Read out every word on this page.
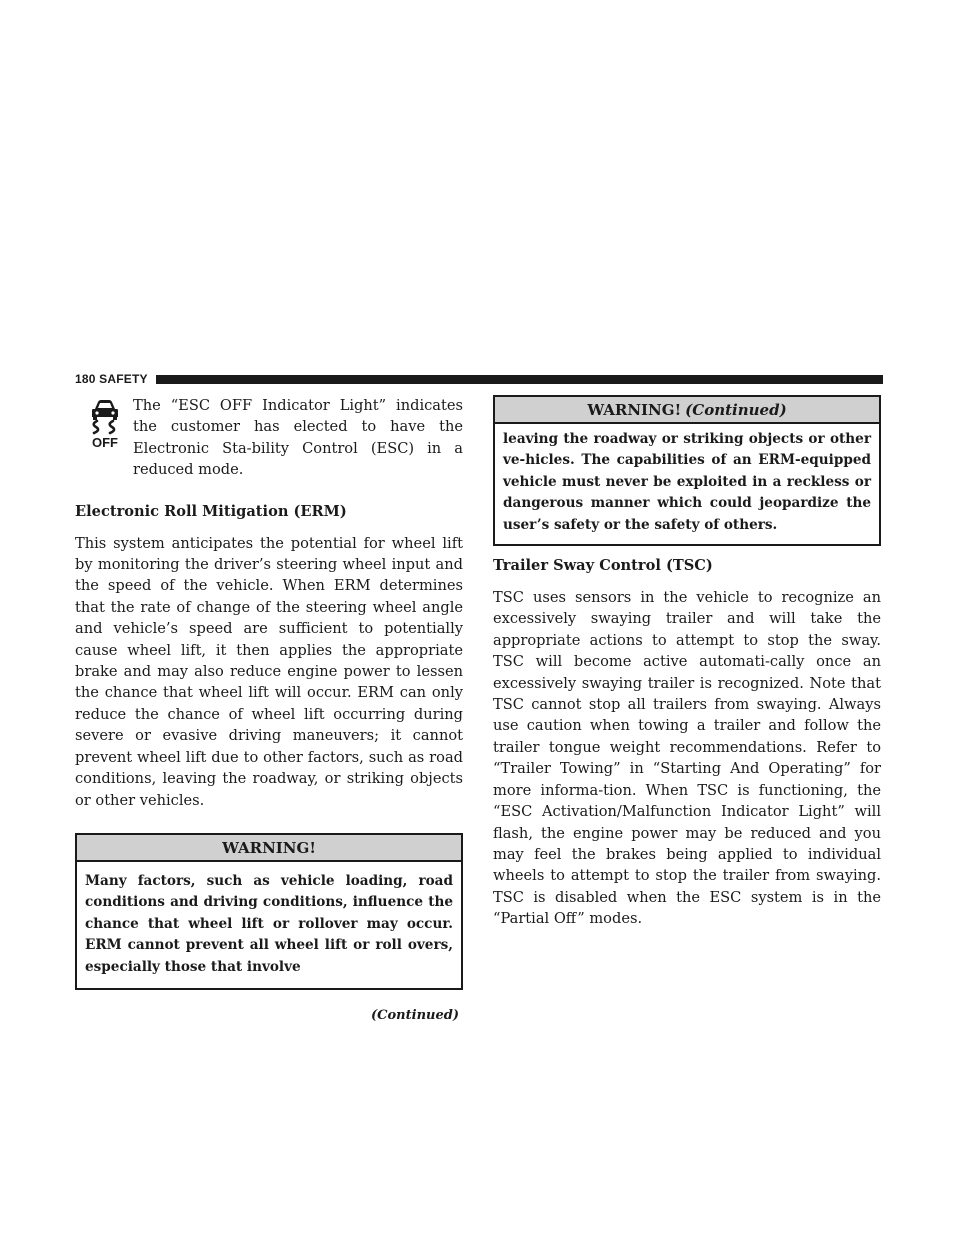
180 SAFETY
OFF

The “ESC OFF Indicator Light” indicates the customer has elected to have the Electronic Sta-bility Control (ESC) in a reduced mode.

Electronic Roll Mitigation (ERM)

This system anticipates the potential for wheel lift by monitoring the driver’s steering wheel input and the speed of the vehicle. When ERM determines that the rate of change of the steering wheel angle and vehicle’s speed are sufficient to potentially cause wheel lift, it then applies the appropriate brake and may also reduce engine power to lessen the chance that wheel lift will occur. ERM can only reduce the chance of wheel lift occurring during severe or evasive driving maneuvers; it cannot prevent wheel lift due to other factors, such as road conditions, leaving the roadway, or striking objects or other vehicles.

WARNING!
Many factors, such as vehicle loading, road conditions and driving conditions, influence the chance that wheel lift or rollover may occur. ERM cannot prevent all wheel lift or roll overs, especially those that involve
(Continued)
WARNING! (Continued)
leaving the roadway or striking objects or other ve-hicles. The capabilities of an ERM-equipped vehicle must never be exploited in a reckless or dangerous manner which could jeopardize the user’s safety or the safety of others.
Trailer Sway Control (TSC)

TSC uses sensors in the vehicle to recognize an excessively swaying trailer and will take the appropriate actions to attempt to stop the sway. TSC will become active automati-cally once an excessively swaying trailer is recognized. Note that TSC cannot stop all trailers from swaying. Always use caution when towing a trailer and follow the trailer tongue weight recommendations. Refer to “Trailer Towing” in “Starting And Operating” for more informa-tion. When TSC is functioning, the “ESC Activation/Malfunction Indicator Light” will flash, the engine power may be reduced and you may feel the brakes being applied to individual wheels to attempt to stop the trailer from swaying. TSC is disabled when the ESC system is in the “Partial Off” modes.
